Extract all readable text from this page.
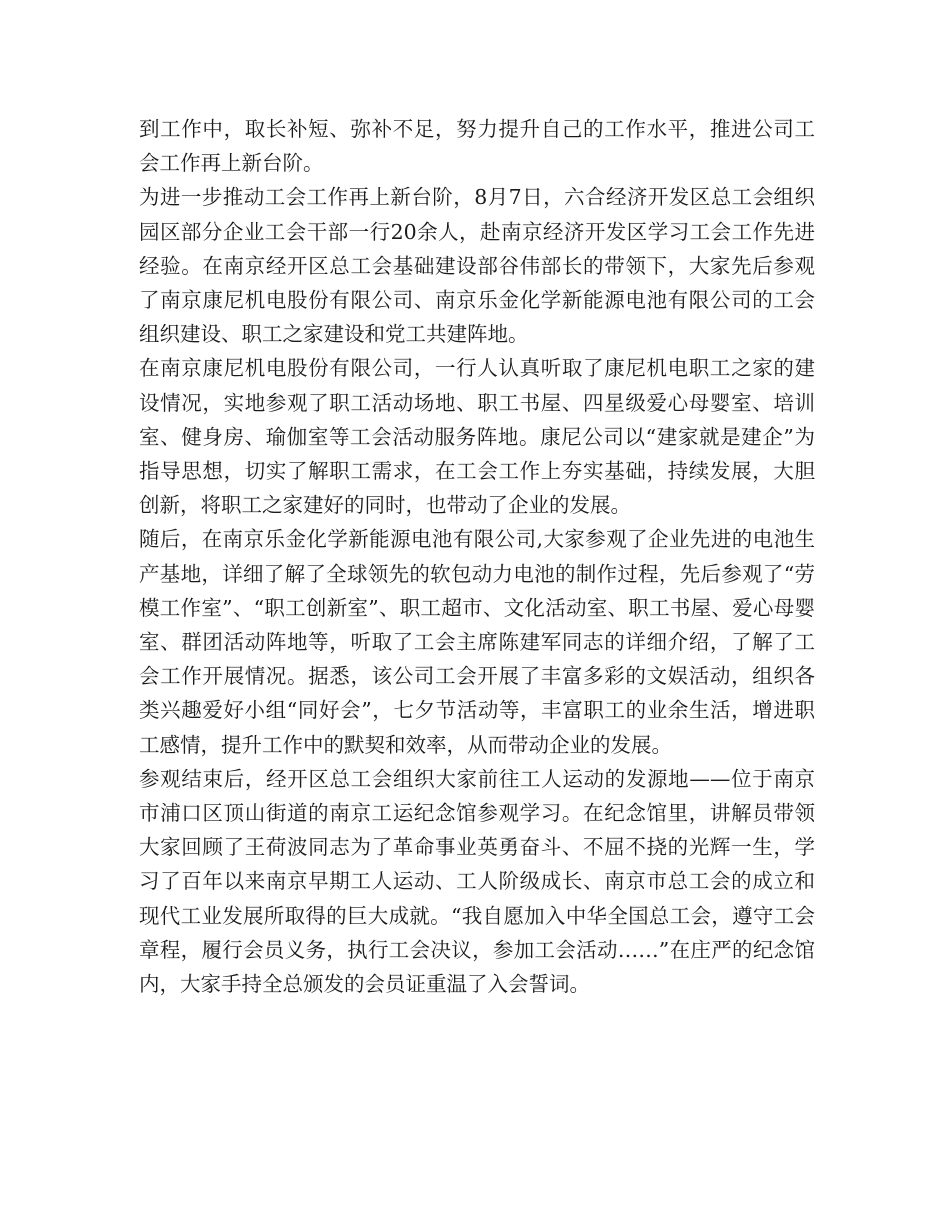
到工作中，取长补短、弥补不足，努力提升自己的工作水平，推进公司工会工作再上新台阶。

为进一步推动工会工作再上新台阶，8月7日，六合经济开发区总工会组织园区部分企业工会干部一行20余人，赴南京经济开发区学习工会工作先进经验。在南京经开区总工会基础建设部谷伟部长的带领下，大家先后参观了南京康尼机电股份有限公司、南京乐金化学新能源电池有限公司的工会组织建设、职工之家建设和党工共建阵地。

在南京康尼机电股份有限公司，一行人认真听取了康尼机电职工之家的建设情况，实地参观了职工活动场地、职工书屋、四星级爱心母婴室、培训室、健身房、瑜伽室等工会活动服务阵地。康尼公司以“建家就是建企”为指导思想，切实了解职工需求，在工会工作上夯实基础，持续发展，大胆创新，将职工之家建好的同时，也带动了企业的发展。

随后，在南京乐金化学新能源电池有限公司,大家参观了企业先进的电池生产基地，详细了解了全球领先的软包动力电池的制作过程，先后参观了“劳模工作室”、“职工创新室”、职工超市、文化活动室、职工书屋、爱心母婴室、群团活动阵地等，听取了工会主席陈建军同志的详细介绍，了解了工会工作开展情况。据悉，该公司工会开展了丰富多彩的文娱活动，组织各类兴趣爱好小组“同好会”，七夕节活动等，丰富职工的业余生活，增进职工感情，提升工作中的默契和效率，从而带动企业的发展。

参观结束后，经开区总工会组织大家前往工人运动的发源地——位于南京市浦口区顶山街道的南京工运纪念馆参观学习。在纪念馆里，讲解员带领大家回顾了王荷波同志为了革命事业英勇奋斗、不屈不挠的光辉一生，学习了百年以来南京早期工人运动、工人阶级成长、南京市总工会的成立和现代工业发展所取得的巨大成就。“我自愿加入中华全国总工会，遵守工会章程，履行会员义务，执行工会决议，参加工会活动……”在庄严的纪念馆内，大家手持全总颁发的会员证重温了入会誓词。
